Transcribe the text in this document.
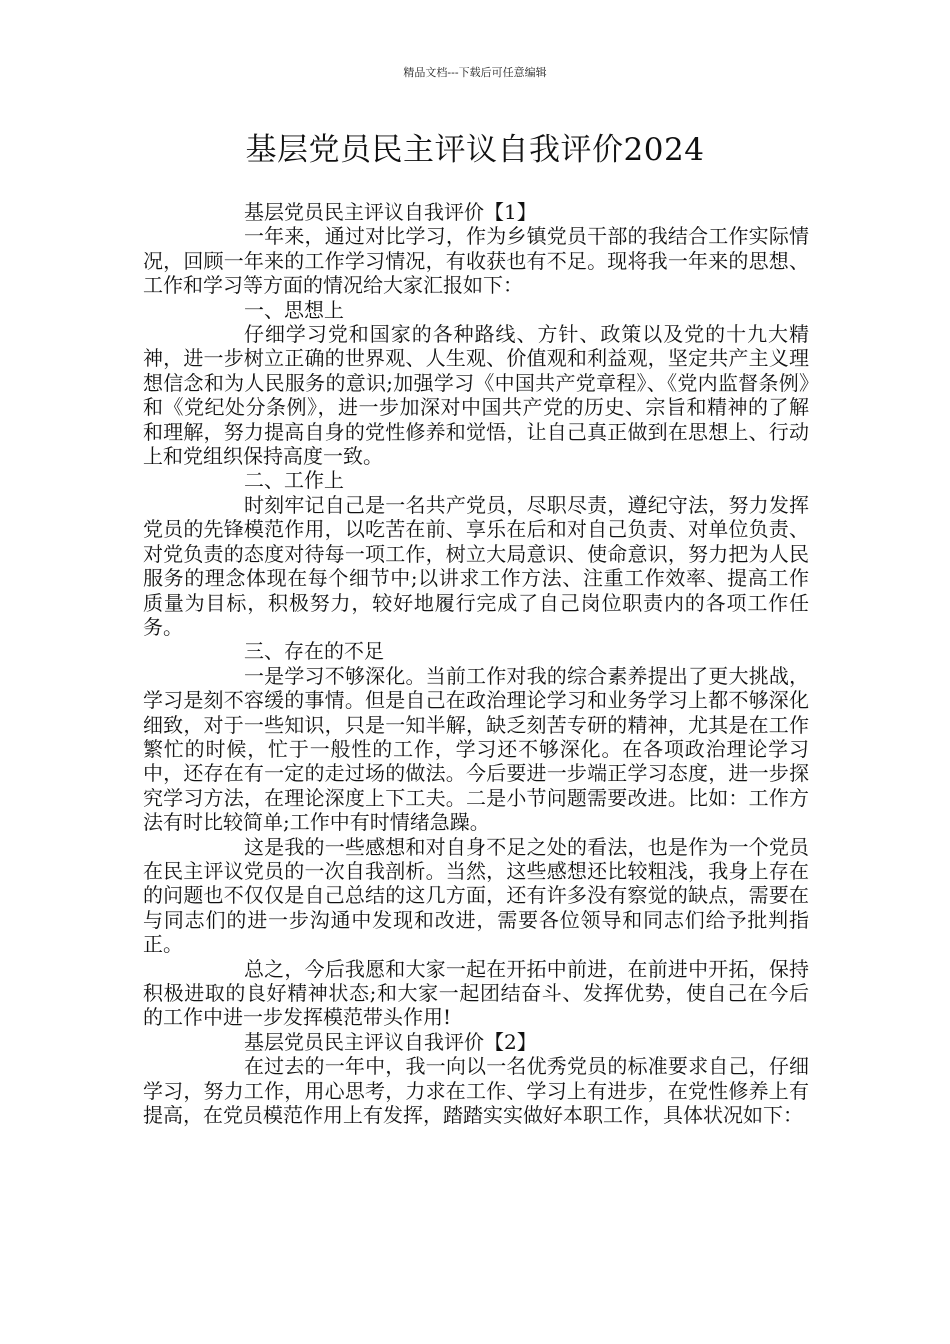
精品文档---下载后可任意编辑
基层党员民主评议自我评价2024

基层党员民主评议自我评价【1】

一年来，通过对比学习，作为乡镇党员干部的我结合工作实际情况，回顾一年来的工作学习情况，有收获也有不足。现将我一年来的思想、工作和学习等方面的情况给大家汇报如下：

一、思想上

仔细学习党和国家的各种路线、方针、政策以及党的十九大精神，进一步树立正确的世界观、人生观、价值观和利益观，坚定共产主义理想信念和为人民服务的意识;加强学习《中国共产党章程》、《党内监督条例》和《党纪处分条例》，进一步加深对中国共产党的历史、宗旨和精神的了解和理解，努力提高自身的党性修养和觉悟，让自己真正做到在思想上、行动上和党组织保持高度一致。

二、工作上

时刻牢记自己是一名共产党员，尽职尽责，遵纪守法，努力发挥党员的先锋模范作用，以吃苦在前、享乐在后和对自己负责、对单位负责、对党负责的态度对待每一项工作，树立大局意识、使命意识，努力把为人民服务的理念体现在每个细节中;以讲求工作方法、注重工作效率、提高工作质量为目标，积极努力，较好地履行完成了自己岗位职责内的各项工作任务。

三、存在的不足

一是学习不够深化。当前工作对我的综合素养提出了更大挑战，学习是刻不容缓的事情。但是自己在政治理论学习和业务学习上都不够深化细致，对于一些知识，只是一知半解，缺乏刻苦专研的精神，尤其是在工作繁忙的时候，忙于一般性的工作，学习还不够深化。在各项政治理论学习中，还存在有一定的走过场的做法。今后要进一步端正学习态度，进一步探究学习方法，在理论深度上下工夫。二是小节问题需要改进。比如：工作方法有时比较简单;工作中有时情绪急躁。

这是我的一些感想和对自身不足之处的看法，也是作为一个党员在民主评议党员的一次自我剖析。当然，这些感想还比较粗浅，我身上存在的问题也不仅仅是自己总结的这几方面，还有许多没有察觉的缺点，需要在与同志们的进一步沟通中发现和改进，需要各位领导和同志们给予批判指正。

总之，今后我愿和大家一起在开拓中前进，在前进中开拓，保持积极进取的良好精神状态;和大家一起团结奋斗、发挥优势，使自己在今后的工作中进一步发挥模范带头作用!

基层党员民主评议自我评价【2】

在过去的一年中，我一向以一名优秀党员的标准要求自己，仔细学习，努力工作，用心思考，力求在工作、学习上有进步，在党性修养上有提高，在党员模范作用上有发挥，踏踏实实做好本职工作，具体状况如下：
